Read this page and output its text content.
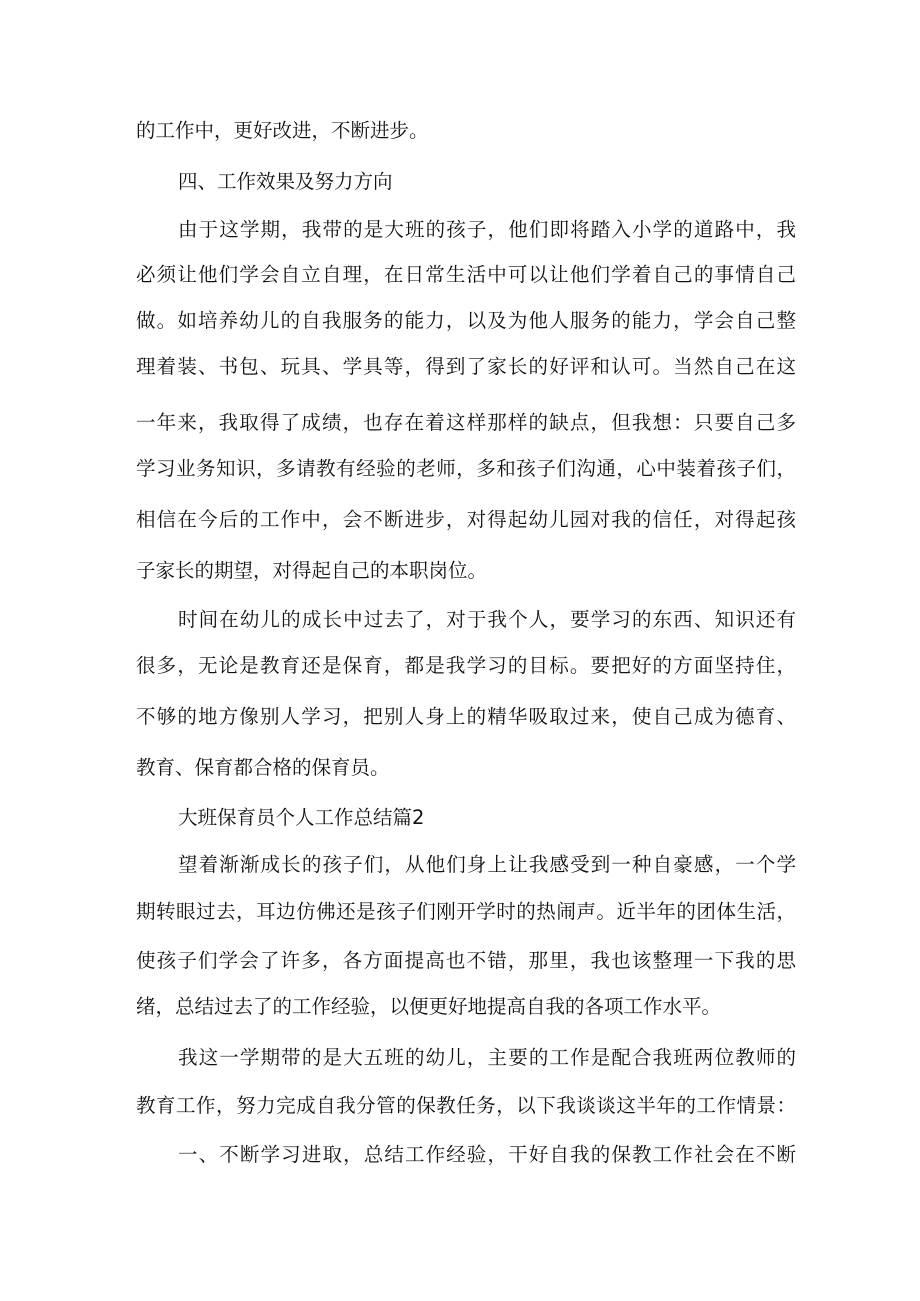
的工作中，更好改进，不断进步。
四、工作效果及努力方向
由于这学期，我带的是大班的孩子，他们即将踏入小学的道路中，我
必须让他们学会自立自理，在日常生活中可以让他们学着自己的事情自己
做。如培养幼儿的自我服务的能力，以及为他人服务的能力，学会自己整
理着装、书包、玩具、学具等，得到了家长的好评和认可。当然自己在这
一年来，我取得了成绩，也存在着这样那样的缺点，但我想：只要自己多
学习业务知识，多请教有经验的老师，多和孩子们沟通，心中装着孩子们，
相信在今后的工作中，会不断进步，对得起幼儿园对我的信任，对得起孩
子家长的期望，对得起自己的本职岗位。
时间在幼儿的成长中过去了，对于我个人，要学习的东西、知识还有
很多，无论是教育还是保育，都是我学习的目标。要把好的方面坚持住，
不够的地方像别人学习，把别人身上的精华吸取过来，使自己成为德育、
教育、保育都合格的保育员。
大班保育员个人工作总结篇2
望着渐渐成长的孩子们，从他们身上让我感受到一种自豪感，一个学
期转眼过去，耳边仿佛还是孩子们刚开学时的热闹声。近半年的团体生活，
使孩子们学会了许多，各方面提高也不错，那里，我也该整理一下我的思
绪，总结过去了的工作经验，以便更好地提高自我的各项工作水平。
我这一学期带的是大五班的幼儿，主要的工作是配合我班两位教师的
教育工作，努力完成自我分管的保教任务，以下我谈谈这半年的工作情景：
一、不断学习进取，总结工作经验，干好自我的保教工作社会在不断
